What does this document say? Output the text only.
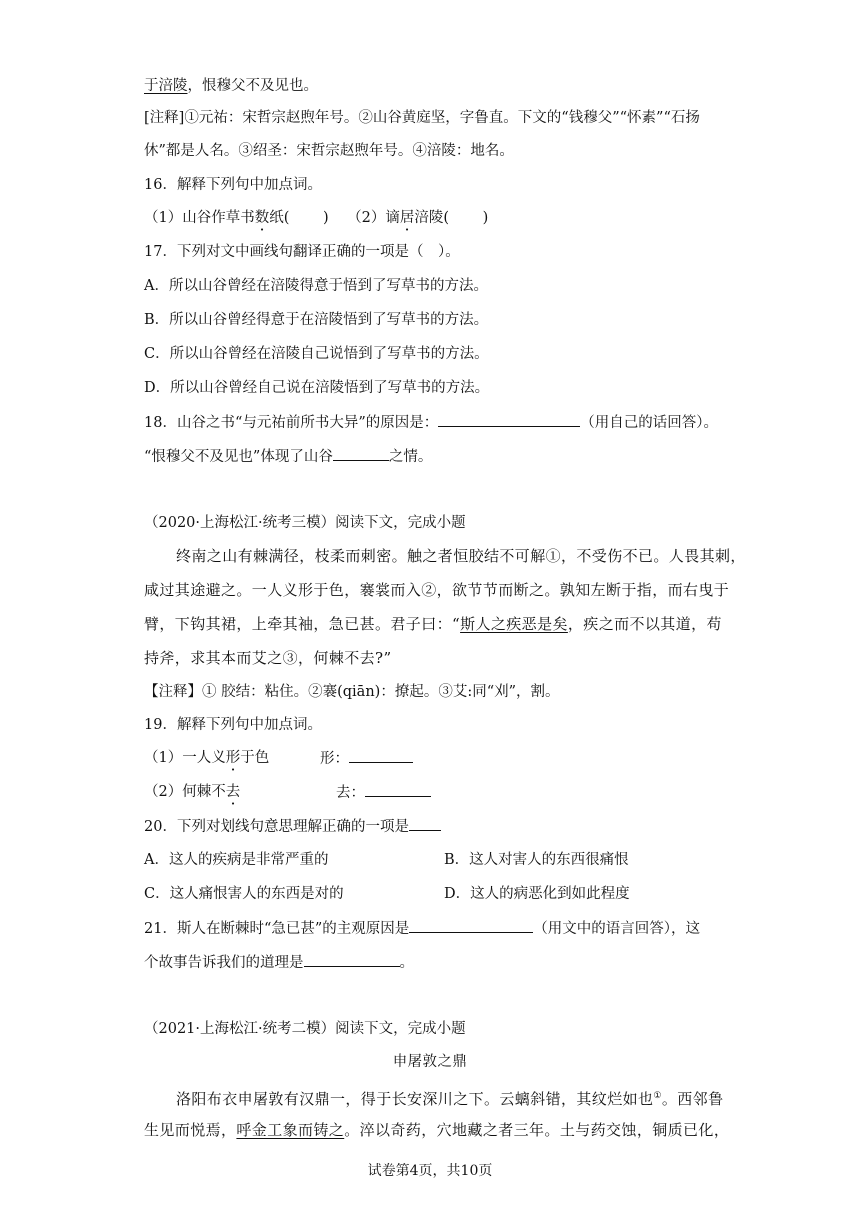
于涪陵，恨穆父不及见也。
[注释]①元祐：宋哲宗赵煦年号。②山谷黄庭坚，字鲁直。下文的“钱穆父”“怀素”“石扬
休”都是人名。③绍圣：宋哲宗赵煦年号。④涪陵：地名。
16．解释下列句中加点词。
（1）山谷作草书数纸(　　 ) （2）谪居涪陵(　　 )
17．下列对文中画线句翻译正确的一项是（　）。
A．所以山谷曾经在涪陵得意于悟到了写草书的方法。
B．所以山谷曾经得意于在涪陵悟到了写草书的方法。
C．所以山谷曾经在涪陵自己说悟到了写草书的方法。
D．所以山谷曾经自己说在涪陵悟到了写草书的方法。
18．山谷之书“与元祐前所书大异”的原因是：	（用自己的话回答）。
“恨穆父不及见也”体现了山谷	之情。
（2020·上海松江·统考三模）阅读下文，完成小题
终南之山有棘满径，枝柔而刺密。触之者恒胶结不可解①，不受伤不已。人畏其刺，
咸过其途避之。一人义形于色，褰裳而入②，欲节节而断之。孰知左断于指，而右曳于
臂，下钩其裙，上牵其袖，急已甚。君子曰：“斯人之疾恶是矣，疾之而不以其道，苟
持斧，求其本而艾之③，何棘不去?”
【注释】① 胶结：粘住。②褰(qiān)：撩起。③艾:同“刈”，割。
19．解释下列句中加点词。
（1）一人义形于色	形：
（2）何棘不去	去：
20．下列对划线句意思理解正确的一项是
A．这人的疾病是非常严重的	B．这人对害人的东西很痛恨
C．这人痛恨害人的东西是对的	D．这人的病恶化到如此程度
21．斯人在断棘时“急已甚”的主观原因是	（用文中的语言回答），这
个故事告诉我们的道理是	。
（2021·上海松江·统考二模）阅读下文，完成小题
申屠敦之鼎
洛阳布衣申屠敦有汉鼎一，得于长安深川之下。云螭斜错，其纹烂如也①。西邻鲁
生见而悦焉，呼金工象而铸之。淬以奇药，穴地藏之者三年。土与药交蚀，铜质已化，
试卷第4页，共10页
